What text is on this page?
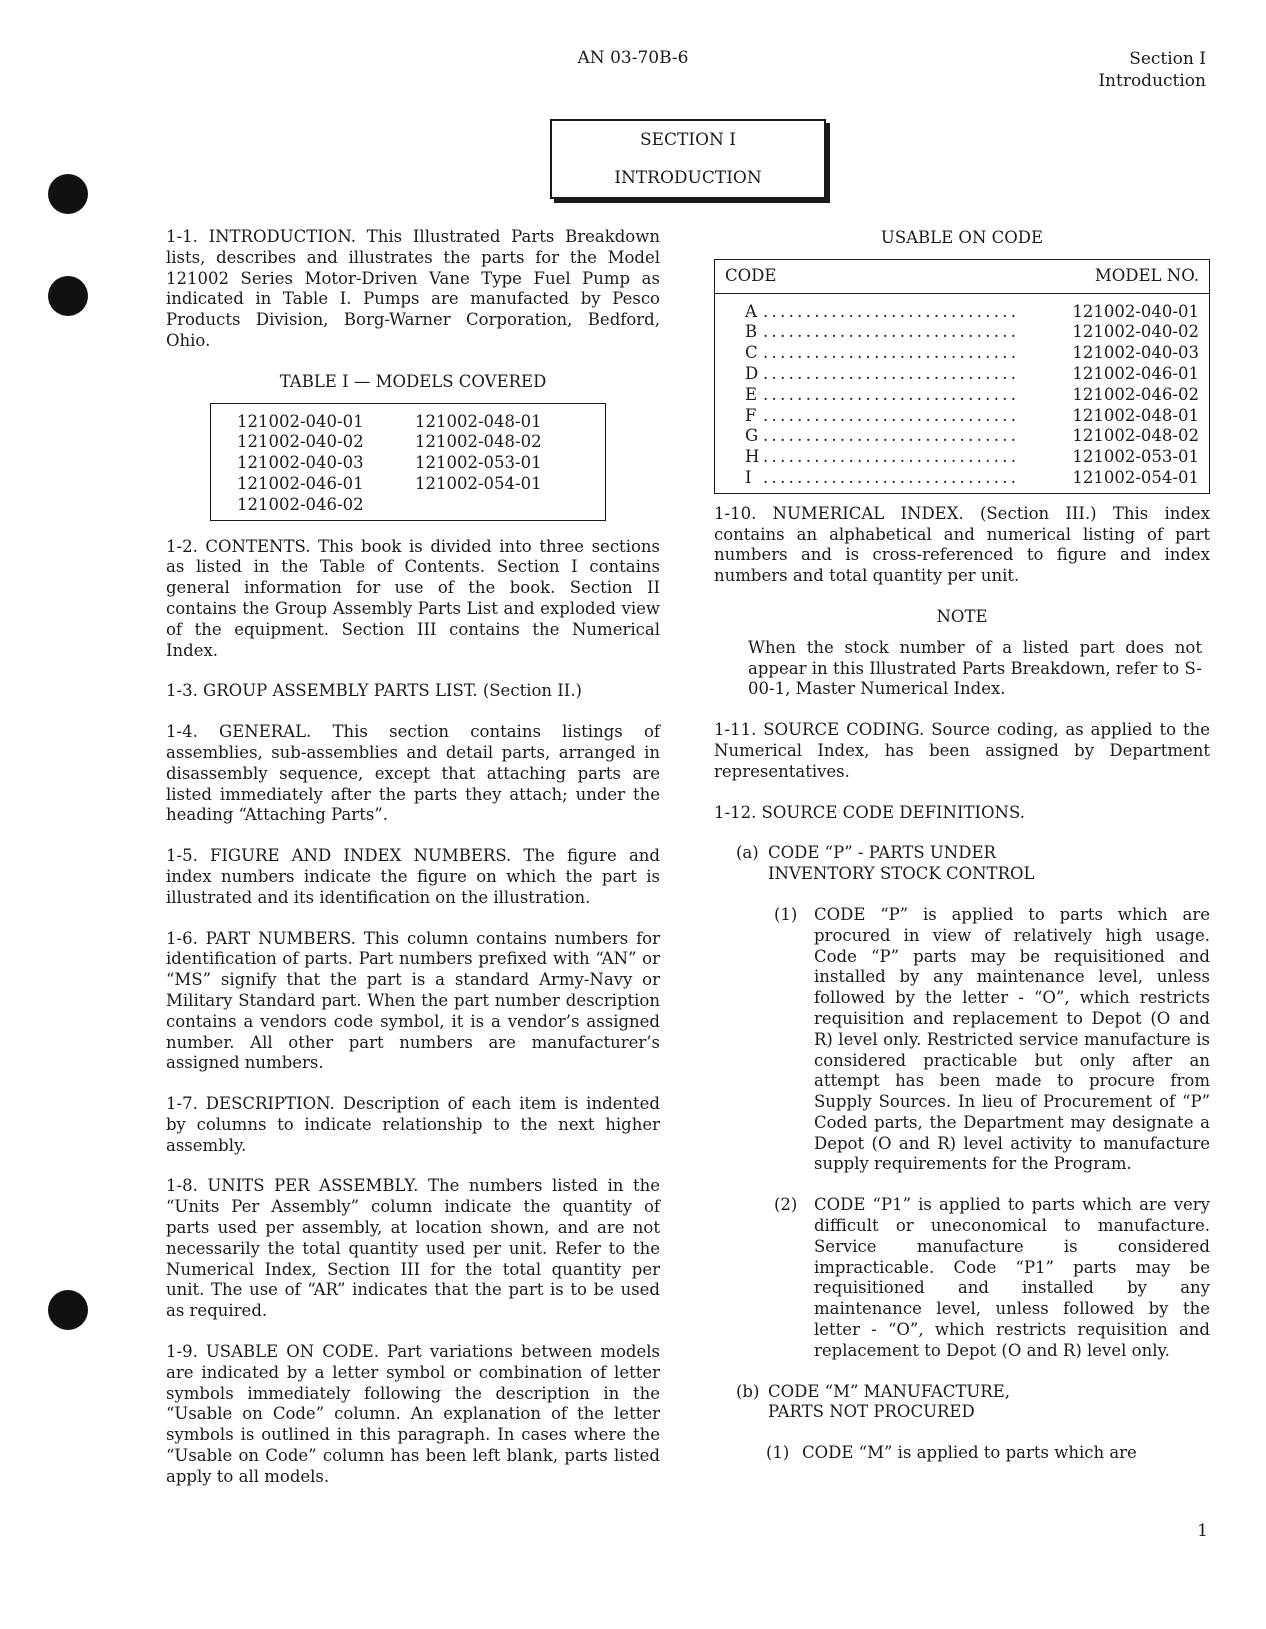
AN 03-70B-6	Section I
Introduction
SECTION I
INTRODUCTION

1-1. INTRODUCTION. This Illustrated Parts Breakdown lists, describes and illustrates the parts for the Model 121002 Series Motor-Driven Vane Type Fuel Pump as indicated in Table I. Pumps are manufacted by Pesco Products Division, Borg-Warner Corporation, Bedford, Ohio.

TABLE I — MODELS COVERED

121002-040-01	121002-048-01
121002-040-02	121002-048-02
121002-040-03	121002-053-01
121002-046-01	121002-054-01
121002-046-02

1-2. CONTENTS. This book is divided into three sections as listed in the Table of Contents. Section I contains general information for use of the book. Section II contains the Group Assembly Parts List and exploded view of the equipment. Section III contains the Numerical Index.

1-3. GROUP ASSEMBLY PARTS LIST. (Section II.)

1-4. GENERAL. This section contains listings of assemblies, sub-assemblies and detail parts, arranged in disassembly sequence, except that attaching parts are listed immediately after the parts they attach; under the heading “Attaching Parts”.

1-5. FIGURE AND INDEX NUMBERS. The figure and index numbers indicate the figure on which the part is illustrated and its identification on the illustration.

1-6. PART NUMBERS. This column contains numbers for identification of parts. Part numbers prefixed with “AN” or “MS” signify that the part is a standard Army-Navy or Military Standard part. When the part number description contains a vendors code symbol, it is a vendor’s assigned number. All other part numbers are manufacturer’s assigned numbers.

1-7. DESCRIPTION. Description of each item is indented by columns to indicate relationship to the next higher assembly.

1-8. UNITS PER ASSEMBLY. The numbers listed in the “Units Per Assembly” column indicate the quantity of parts used per assembly, at location shown, and are not necessarily the total quantity used per unit. Refer to the Numerical Index, Section III for the total quantity per unit. The use of “AR” indicates that the part is to be used as required.

1-9. USABLE ON CODE. Part variations between models are indicated by a letter symbol or combination of letter symbols immediately following the description in the “Usable on Code” column. An explanation of the letter symbols is outlined in this paragraph. In cases where the “Usable on Code” column has been left blank, parts listed apply to all models.

USABLE ON CODE

CODE	MODEL NO.
A ..............................	121002-040-01
B ..............................	121002-040-02
C ..............................	121002-040-03
D ..............................	121002-046-01
E ..............................	121002-046-02
F ..............................	121002-048-01
G ..............................	121002-048-02
H ..............................	121002-053-01
I ..............................	121002-054-01

1-10. NUMERICAL INDEX. (Section III.) This index contains an alphabetical and numerical listing of part numbers and is cross-referenced to figure and index numbers and total quantity per unit.

NOTE

When the stock number of a listed part does not appear in this Illustrated Parts Breakdown, refer to S-00-1, Master Numerical Index.

1-11. SOURCE CODING. Source coding, as applied to the Numerical Index, has been assigned by Department representatives.

1-12. SOURCE CODE DEFINITIONS.

(a) CODE “P” - PARTS UNDER INVENTORY STOCK CONTROL
(1)	CODE “P” is applied to parts which are procured in view of relatively high usage. Code “P” parts may be requisitioned and installed by any maintenance level, unless followed by the letter - “O”, which restricts requisition and replacement to Depot (O and R) level only. Restricted service manufacture is considered practicable but only after an attempt has been made to procure from Supply Sources. In lieu of Procurement of “P” Coded parts, the Department may designate a Depot (O and R) level activity to manufacture supply requirements for the Program.
(2)	CODE “P1” is applied to parts which are very difficult or uneconomical to manufacture. Service manufacture is considered impracticable. Code “P1” parts may be requisitioned and installed by any maintenance level, unless followed by the letter - “O”, which restricts requisition and replacement to Depot (O and R) level only.
(b) CODE “M” MANUFACTURE, PARTS NOT PROCURED
(1) CODE “M” is applied to parts which are
1
